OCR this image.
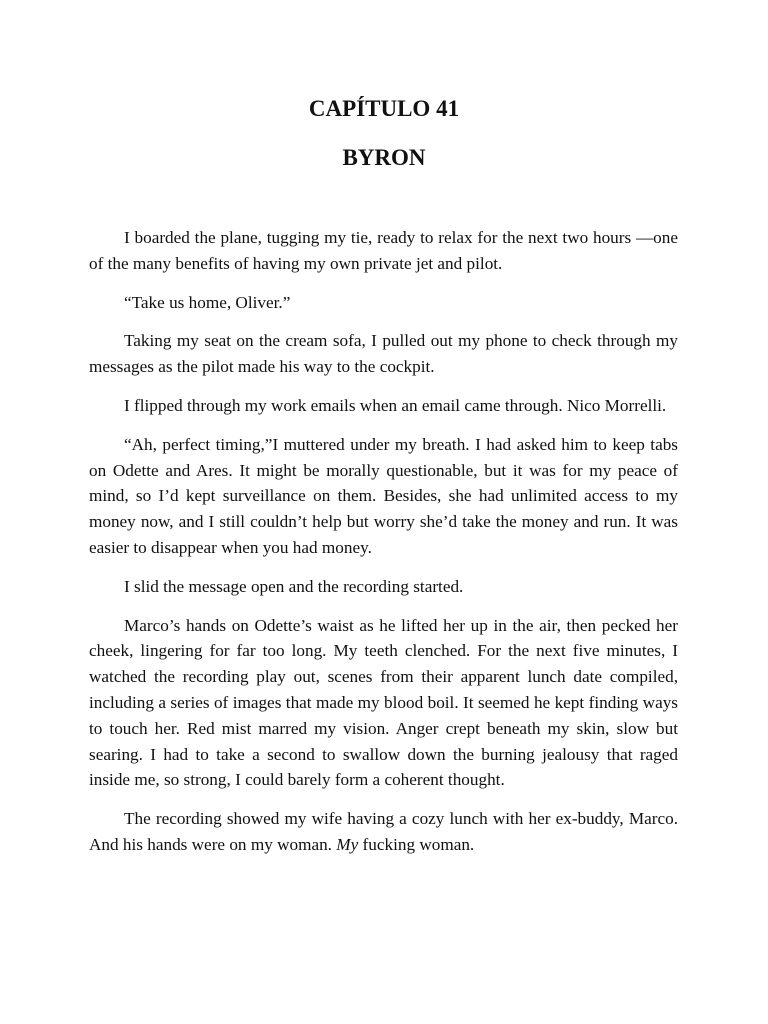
CAPÍTULO 41
BYRON

I boarded the plane, tugging my tie, ready to relax for the next two hours —one of the many benefits of having my own private jet and pilot.

“Take us home, Oliver.”

Taking my seat on the cream sofa, I pulled out my phone to check through my messages as the pilot made his way to the cockpit.

I flipped through my work emails when an email came through. Nico Morrelli.

“Ah, perfect timing,”I muttered under my breath. I had asked him to keep tabs on Odette and Ares. It might be morally questionable, but it was for my peace of mind, so I’d kept surveillance on them. Besides, she had unlimited access to my money now, and I still couldn’t help but worry she’d take the money and run. It was easier to disappear when you had money.

I slid the message open and the recording started.

Marco’s hands on Odette’s waist as he lifted her up in the air, then pecked her cheek, lingering for far too long. My teeth clenched. For the next five minutes, I watched the recording play out, scenes from their apparent lunch date compiled, including a series of images that made my blood boil. It seemed he kept finding ways to touch her. Red mist marred my vision. Anger crept beneath my skin, slow but searing. I had to take a second to swallow down the burning jealousy that raged inside me, so strong, I could barely form a coherent thought.

The recording showed my wife having a cozy lunch with her ex-buddy, Marco. And his hands were on my woman. My fucking woman.
